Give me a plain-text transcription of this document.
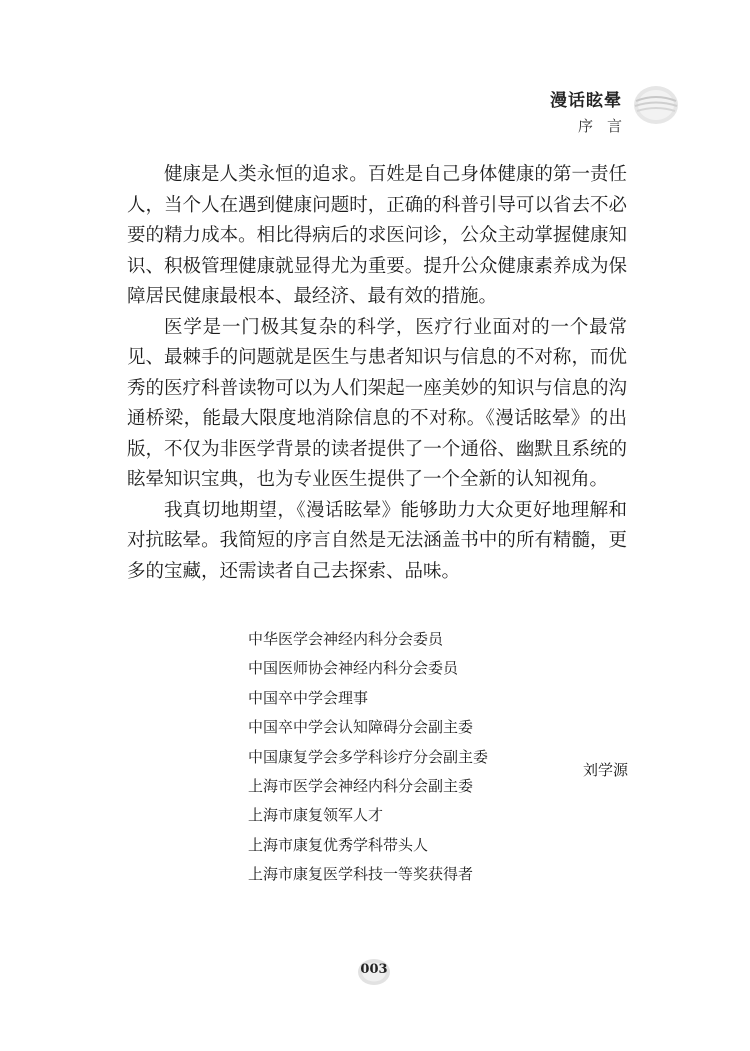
漫话眩晕
序言

健康是人类永恒的追求。百姓是自己身体健康的第一责任人，当个人在遇到健康问题时，正确的科普引导可以省去不必要的精力成本。相比得病后的求医问诊，公众主动掌握健康知识、积极管理健康就显得尤为重要。提升公众健康素养成为保障居民健康最根本、最经济、最有效的措施。

医学是一门极其复杂的科学，医疗行业面对的一个最常见、最棘手的问题就是医生与患者知识与信息的不对称，而优秀的医疗科普读物可以为人们架起一座美妙的知识与信息的沟通桥梁，能最大限度地消除信息的不对称。《漫话眩晕》的出版，不仅为非医学背景的读者提供了一个通俗、幽默且系统的眩晕知识宝典，也为专业医生提供了一个全新的认知视角。

我真切地期望，《漫话眩晕》能够助力大众更好地理解和对抗眩晕。我简短的序言自然是无法涵盖书中的所有精髓，更多的宝藏，还需读者自己去探索、品味。

中华医学会神经内科分会委员
中国医师协会神经内科分会委员
中国卒中学会理事
中国卒中学会认知障碍分会副主委
中国康复学会多学科诊疗分会副主委
上海市医学会神经内科分会副主委
上海市康复领军人才
上海市康复优秀学科带头人
上海市康复医学科技一等奖获得者
刘学源
003
